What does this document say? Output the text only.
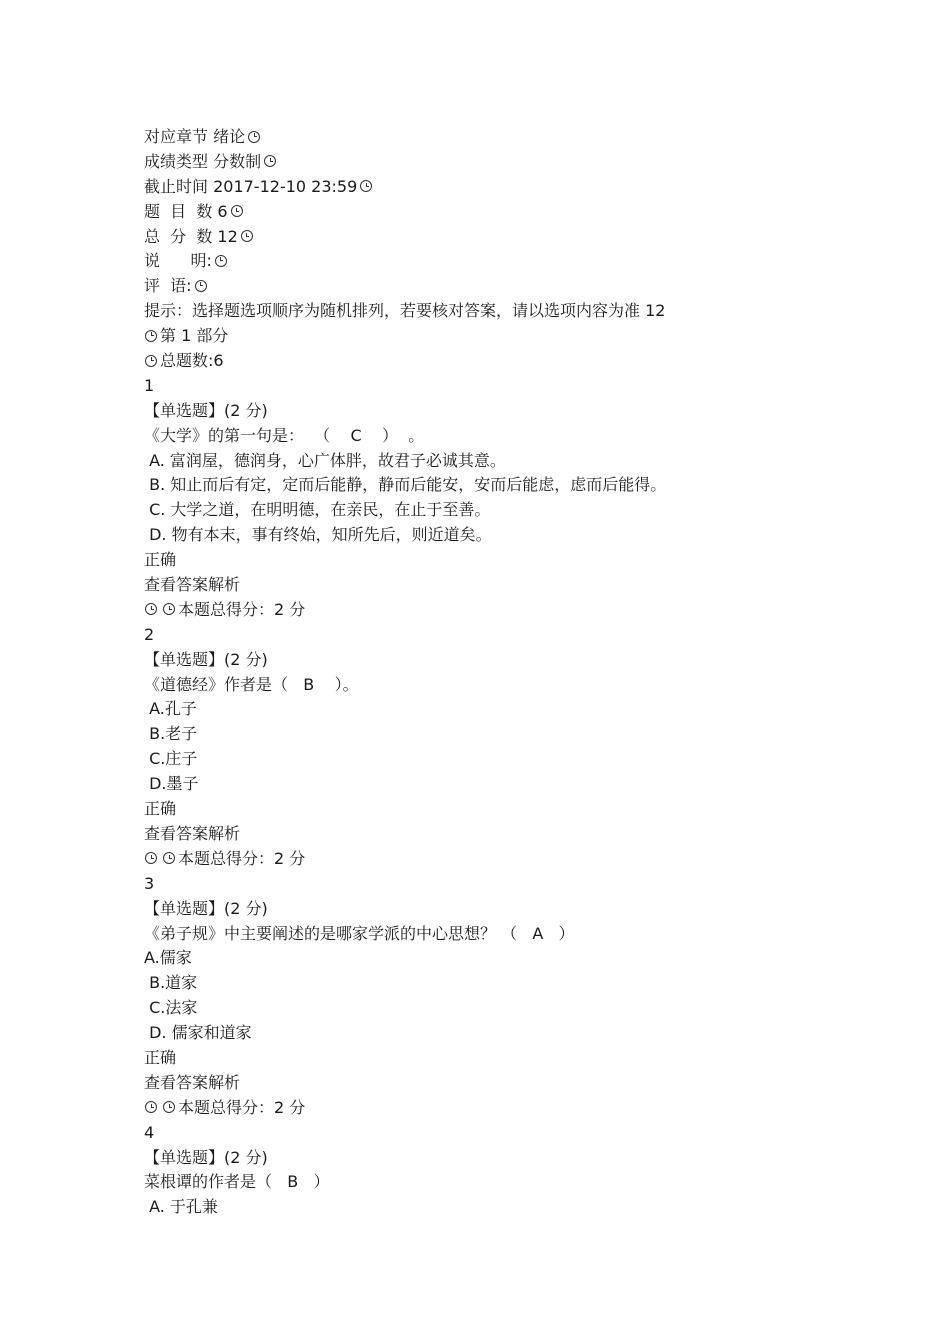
对应章节 绪论
成绩类型 分数制
截止时间 2017-12-10 23:59
题  目  数 6
总  分  数 12
说      明:
评  语:
提示：选择题选项顺序为随机排列，若要核对答案，请以选项内容为准 12
第 1 部分
总题数:6
1
【单选题】(2 分)
《大学》的第一句是：  （    C    ）  。
A. 富润屋，德润身，心广体胖，故君子必诚其意。
B. 知止而后有定，定而后能静，静而后能安，安而后能虑，虑而后能得。
C. 大学之道，在明明德，在亲民，在止于至善。
D. 物有本末，事有终始，知所先后，则近道矣。
正确
查看答案解析
本题总得分：2 分
2
【单选题】(2 分)
《道德经》作者是（   B    ）。
A.孔子
B.老子
C.庄子
D.墨子
正确
查看答案解析
本题总得分：2 分
3
【单选题】(2 分)
《弟子规》中主要阐述的是哪家学派的中心思想？ （   A   ）
A.儒家
B.道家
C.法家
D. 儒家和道家
正确
查看答案解析
本题总得分：2 分
4
【单选题】(2 分)
菜根谭的作者是（   B   ）
A. 于孔兼
